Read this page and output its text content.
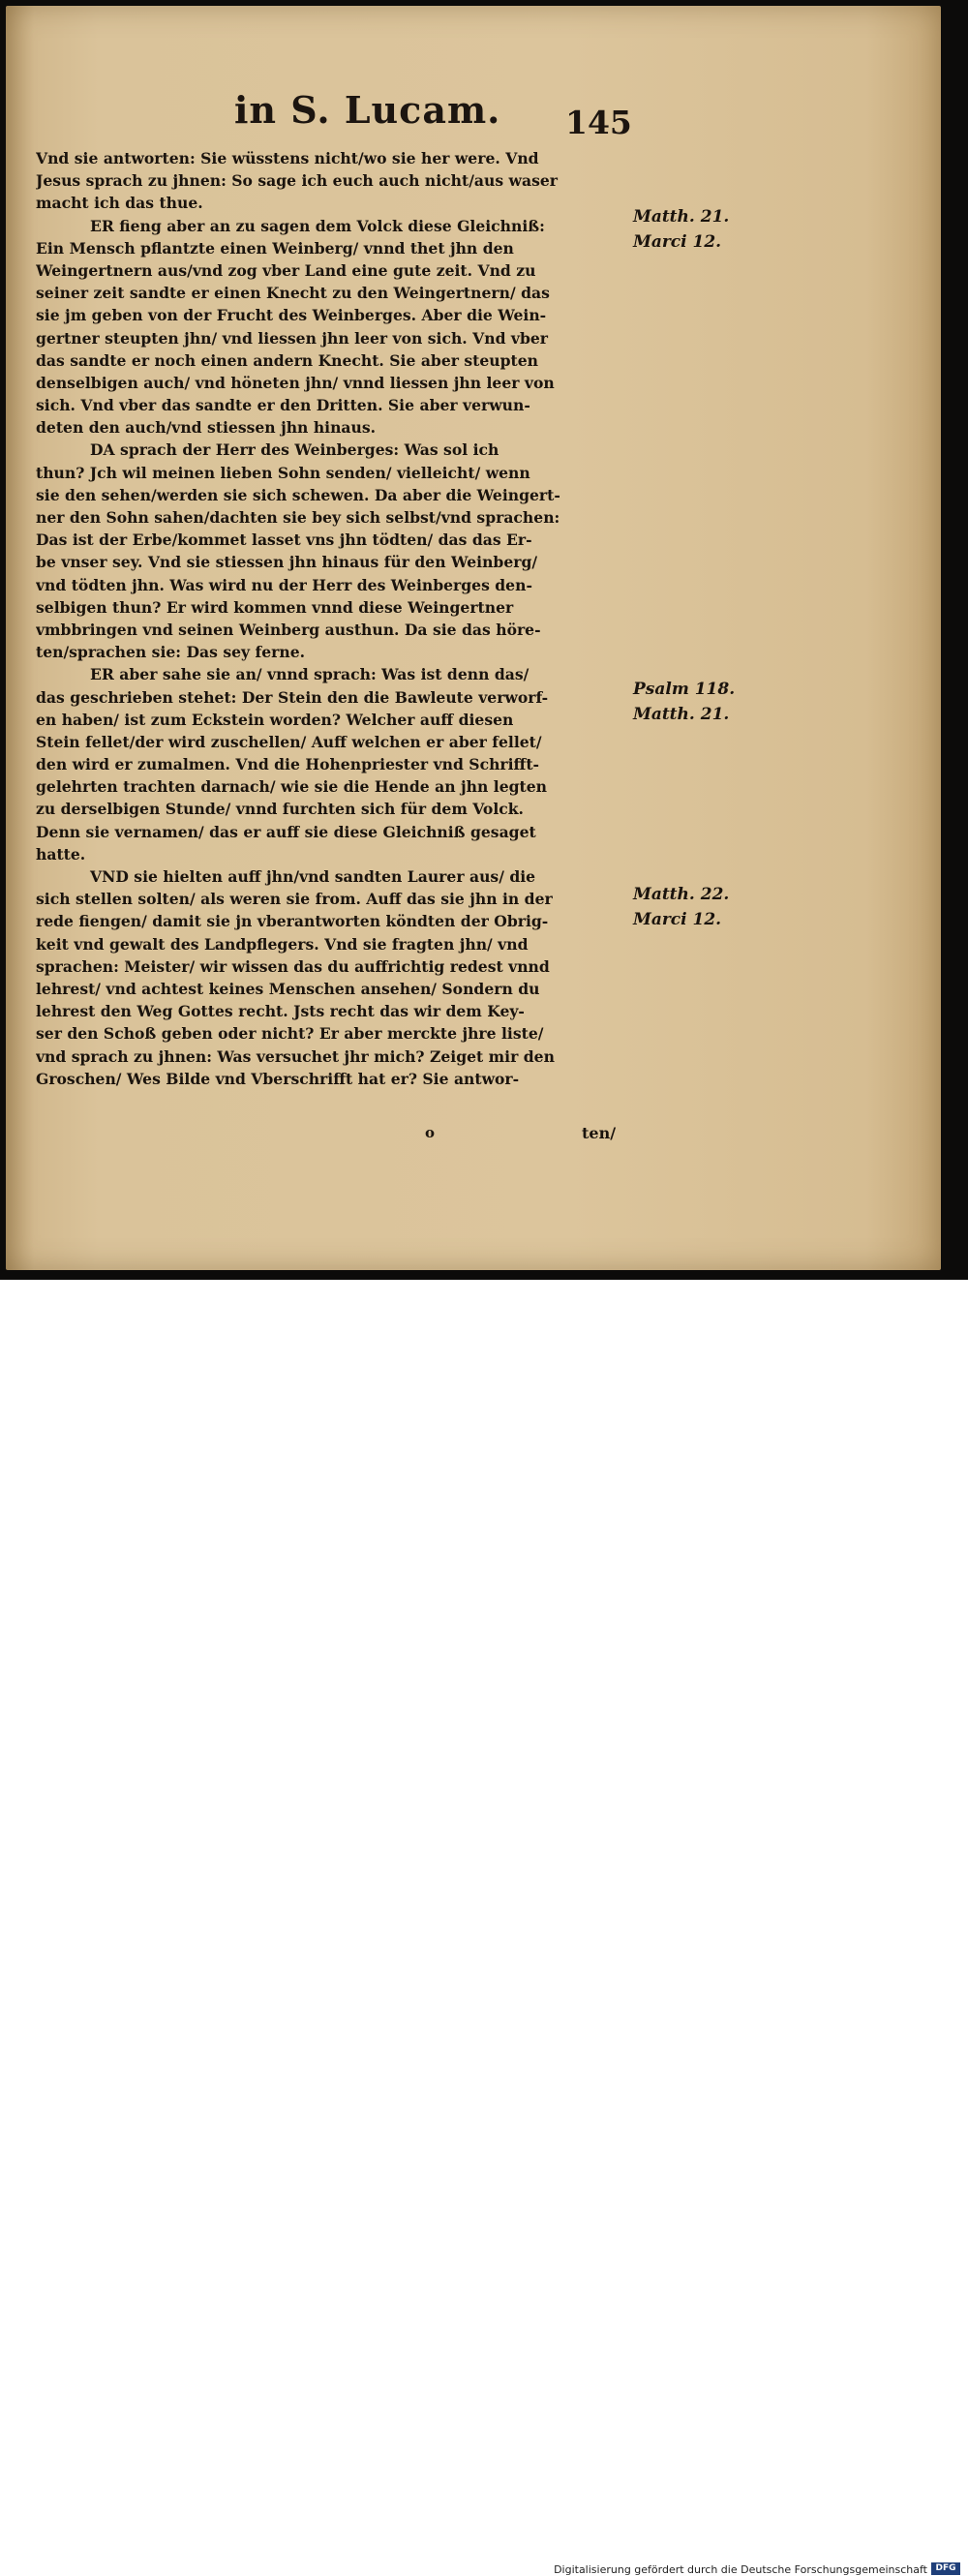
in S. Lucam. 145
Vnd sie antworten: Sie wüsstens nicht/wo sie her were. Vnd
Jesus sprach zu jhnen: So sage ich euch auch nicht/aus waser
macht ich das thue.
ER fieng aber an zu sagen dem Volck diese Gleichniß:
Ein Mensch pflantzte einen Weinberg/ vnnd thet jhn den
Weingertnern aus/vnd zog vber Land eine gute zeit. Vnd zu
seiner zeit sandte er einen Knecht zu den Weingertnern/ das
sie jm geben von der Frucht des Weinberges. Aber die Wein-
gertner steupten jhn/ vnd liessen jhn leer von sich. Vnd vber
das sandte er noch einen andern Knecht. Sie aber steupten
denselbigen auch/ vnd höneten jhn/ vnnd liessen jhn leer von
sich. Vnd vber das sandte er den Dritten. Sie aber verwun-
deten den auch/vnd stiessen jhn hinaus.
DA sprach der Herr des Weinberges: Was sol ich
thun? Jch wil meinen lieben Sohn senden/ vielleicht/ wenn
sie den sehen/werden sie sich schewen. Da aber die Weingert-
ner den Sohn sahen/dachten sie bey sich selbst/vnd sprachen:
Das ist der Erbe/kommet lasset vns jhn tödten/ das das Er-
be vnser sey. Vnd sie stiessen jhn hinaus für den Weinberg/
vnd tödten jhn. Was wird nu der Herr des Weinberges den-
selbigen thun? Er wird kommen vnnd diese Weingertner
vmbbringen vnd seinen Weinberg austhun. Da sie das höre-
ten/sprachen sie: Das sey ferne.
ER aber sahe sie an/ vnnd sprach: Was ist denn das/
das geschrieben stehet: Der Stein den die Bawleute verworf-
en haben/ ist zum Eckstein worden? Welcher auff diesen
Stein fellet/der wird zuschellen/ Auff welchen er aber fellet/
den wird er zumalmen. Vnd die Hohenpriester vnd Schrifft-
gelehrten trachten darnach/ wie sie die Hende an jhn legten
zu derselbigen Stunde/ vnnd furchten sich für dem Volck.
Denn sie vernamen/ das er auff sie diese Gleichniß gesaget
hatte.
VND sie hielten auff jhn/vnd sandten Laurer aus/ die
sich stellen solten/ als weren sie from. Auff das sie jhn in der
rede fiengen/ damit sie jn vberantworten köndten der Obrig-
keit vnd gewalt des Landpflegers. Vnd sie fragten jhn/ vnd
sprachen: Meister/ wir wissen das du auffrichtig redest vnnd
lehrest/ vnd achtest keines Menschen ansehen/ Sondern du
lehrest den Weg Gottes recht. Jsts recht das wir dem Key-
ser den Schoß geben oder nicht? Er aber merckte jhre liste/
vnd sprach zu jhnen: Was versuchet jhr mich? Zeiget mir den
Groschen/ Wes Bilde vnd Vberschrifft hat er? Sie antwor-
Matth. 21.
Marci 12.
Psalm 118.
Matth. 21.
Matth. 22.
Marci 12.
o	ten/
Digitalisierung gefördert durch die Deutsche Forschungsgemeinschaft DFG
